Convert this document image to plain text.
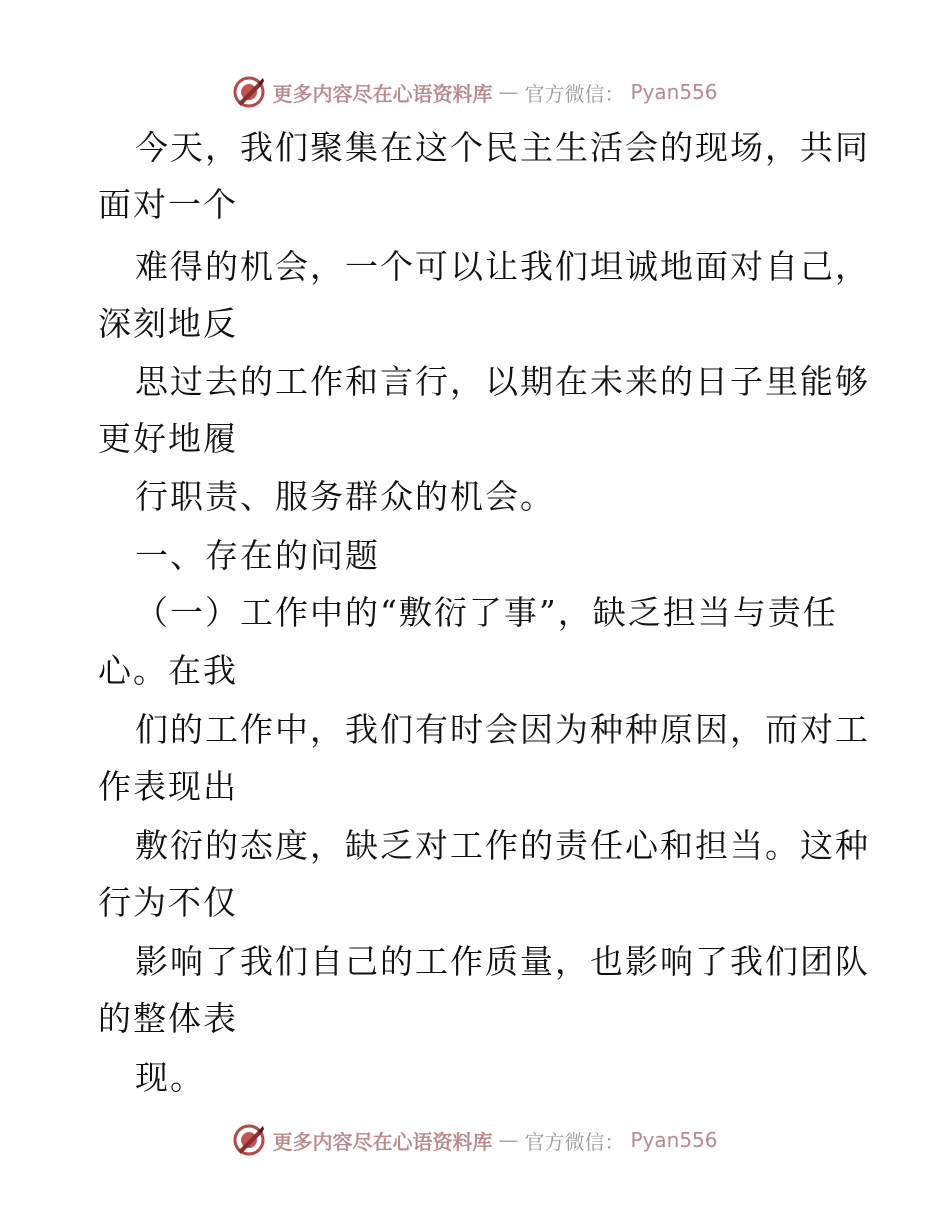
更多内容尽在心语资料库 — 官方微信： Pyan556
今天，我们聚集在这个民主生活会的现场，共同
面对一个
难得的机会，一个可以让我们坦诚地面对自己，
深刻地反
思过去的工作和言行，以期在未来的日子里能够
更好地履
行职责、服务群众的机会。
一、存在的问题
（一）工作中的“敷衍了事”，缺乏担当与责任
心。在我
们的工作中，我们有时会因为种种原因，而对工
作表现出
敷衍的态度，缺乏对工作的责任心和担当。这种
行为不仅
影响了我们自己的工作质量，也影响了我们团队
的整体表
现。
更多内容尽在心语资料库 — 官方微信： Pyan556
